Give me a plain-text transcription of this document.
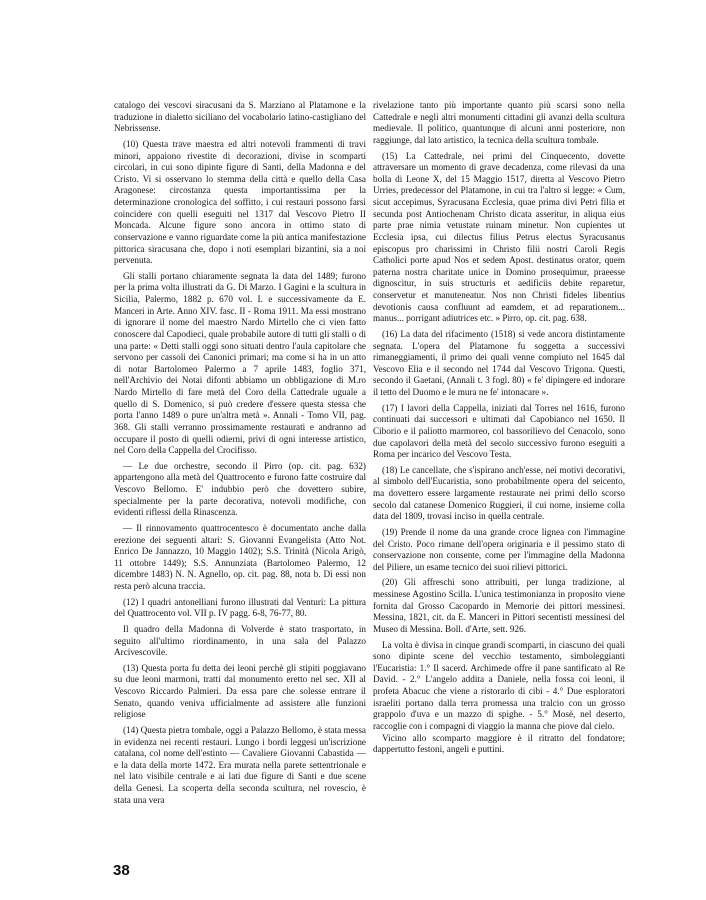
catalogo dei vescovi siracusani da S. Marziano al Platamone e la traduzione in dialetto siciliano del vocabolario latino-castigliano del Nebrissense.

(10) Questa trave maestra ed altri notevoli frammenti di travi minori, appaiono rivestite di decorazioni, divise in scomparti circolari, in cui sono dipinte figure di Santi, della Madonna e del Cristo. Vi si osservano lo stemma della città e quello della Casa Aragonese: circostanza questa importantissima per la determinazione cronologica del soffitto, i cui restauri possono farsi coincidere con quelli eseguiti nel 1317 dal Vescovo Pietro II Moncada. Alcune figure sono ancora in ottimo stato di conservazione e vanno riguardate come la più antica manifestazione pittorica siracusana che, dopo i noti esemplari bizantini, sia a noi pervenuta.

Gli stalli portano chiaramente segnata la data del 1489; furono per la prima volta illustrati da G. Di Marzo. I Gagini e la scultura in Sicilia, Palermo, 1882 p. 670 vol. I. e successivamente da E. Manceri in Arte. Anno XIV. fasc. II - Roma 1911. Ma essi mostrano di ignorare il nome del maestro Nardo Mirtello che ci vien fatto conoscere dal Capodieci, quale probabile autore di tutti gli stalli o di una parte: « Detti stalli oggi sono situati dentro l'aula capitolare che servono per cassoli dei Canonici primari; ma come si ha in un atto di notar Bartolomeo Palermo a 7 aprile 1483, foglio 371, nell'Archivio dei Notai difonti abbiamo un obbligazione di M.ro Nardo Mirtello di fare metà del Coro della Cattedrale uguale a quello di S. Domenico, si può credere d'essere questa stessa che porta l'anno 1489 o pure un'altra metà ». Annali - Tomo VII, pag. 368. Gli stalli verranno prossimamente restaurati e andranno ad occupare il posto di quelli odierni, privi di ogni interesse artistico, nel Coro della Cappella del Crocifisso.

— Le due orchestre, secondo il Pirro (op. cit. pag. 632) appartengono alla metà del Quattrocento e furono fatte costruire dal Vescovo Bellomo. E' indubbio però che dovettero subire, specialmente per la parte decorativa, notevoli modifiche, con evidenti riflessi della Rinascenza.

— Il rinnovamento quattrocentesco è documentato anche dalla erezione dei seguenti altari: S. Giovanni Evangelista (Atto Not. Enrico De Jannazzo, 10 Maggio 1402); S.S. Trinità (Nicola Arigò, 11 ottobre 1449); S.S. Annunziata (Bartolomeo Palermo, 12 dicembre 1483) N. N. Agnello, op. cit. pag. 88, nota b. Di essi non resta però alcuna traccia.

(12) I quadri antonelliani furono illustrati dal Venturi: La pittura del Quattrocento vol. VII p. IV pagg. 6-8, 76-77, 80.

Il quadro della Madonna di Volverde è stato trasportato, in seguito all'ultimo riordinamento, in una sala del Palazzo Arcivescovile.

(13) Questa porta fu detta dei leoni perchè gli stipiti poggiavano su due leoni marmoni, tratti dal monumento eretto nel sec. XII al Vescovo Riccardo Palmieri. Da essa pare che solesse entrare il Senato, quando veniva ufficialmente ad assistere alle funzioni religiose

(14) Questa pietra tombale, oggi a Palazzo Bellomo, è stata messa in evidenza nei recenti restauri. Lungo i bordi leggesi un'iscrizione catalana, col nome dell'estinto — Cavaliere Giovanni Cabastida — e la data della morte 1472. Era murata nella parete settentrionale e nel lato visibile centrale e ai lati due figure di Santi e due scene della Genesi. La scoperta della seconda scultura, nel rovescio, è stata una vera

rivelazione tanto più importante quanto più scarsi sono nella Cattedrale e negli altri monumenti cittadini gli avanzi della scultura medievale. Il politico, quantunque di alcuni anni posteriore, non raggiunge, dal lato artistico, la tecnica della scultura tombale.

(15) La Cattedrale, nei primi del Cinquecento, dovette attraversare un momento di grave decadenza, come rilevasi da una bolla di Leone X, del 15 Maggio 1517, diretta al Vescovo Pietro Urries, predecessor del Platamone, in cui tra l'altro si legge: « Cum, sicut accepimus, Syracusana Ecclesia, quae prima divi Petri filia et secunda post Antiochenam Christo dicata asseritur, in aliqua eius parte prae nimia vetustate ruinam minetur. Non cupientes ut Ecclesia ipsa, cui dilectus filius Petrus electus Syracusanus episcopus pro charissimi in Christo filii nostri Caroli Regis Catholici porte apud Nos et sedem Apost. destinatus orator, quem paterna nostra charitate unice in Domino prosequimur, praeesse dignoscitur, in suis structuris et aedificiis debite reparetur, conservetur et manuteneatur. Nos non Christi fideles libentius devotionis causa confluunt ad eamdem, et ad reparationem... manus... porrigant adiutrices etc. » Pirro, op. cit. pag. 638.

(16) La data del rifacimento (1518) si vede ancora distintamente segnata. L'opera del Platamone fu soggetta a successivi rimaneggiamenti, il primo dei quali venne compiuto nel 1645 dal Vescovo Elia e il secondo nel 1744 dal Vescovo Trigona. Questi, secondo il Gaetani, (Annali t. 3 fogl. 80) « fe' dipingere ed indorare il tetto del Duomo e le mura ne fe' intonacare ».

(17) I lavori della Cappella, iniziati dal Torres nel 1616, furono continuati dai successori e ultimati dal Capobianco nel 1650. Il Ciborio e il paliotto marmoreo, col bassorilievo del Cenacolo, sono due capolavori della metà del secolo successivo furono eseguiti a Roma per incarico del Vescovo Testa.

(18) Le cancellate, che s'ispirano anch'esse, nei motivi decorativi, al simbolo dell'Eucaristia, sono probabilmente opera del seicento, ma dovettero essere largamente restaurate nei primi dello scorso secolo dal catanese Domenico Ruggieri, il cui nome, insieme colla data del 1809, trovasi inciso in quella centrale.

(19) Prende il nome da una grande croce lignea con l'immagine del Cristo. Poco rimane dell'opera originaria e il pessimo stato di conservazione non consente, come per l'immagine della Madonna del Piliere, un esame tecnico dei suoi rilievi pittorici.

(20) Gli affreschi sono attribuiti, per lunga tradizione, al messinese Agostino Scilla. L'unica testimonianza in proposito viene fornita dal Grosso Cacopardo in Memorie dei pittori messinesi. Messina, 1821, cit. da E. Manceri in Pittori secentisti messinesi del Museo di Messina. Boll. d'Arte, sett. 926.

La volta è divisa in cinque grandi scomparti, in ciascuno dei quali sono dipinte scene del vecchio testamento, simboleggianti l'Eucaristia: 1.° Il sacerd. Archimede offre il pane santificato al Re David. - 2.° L'angelo addita a Daniele, nella fossa coi leoni, il profeta Abacuc che viene a ristorarlo di cibi - 4.° Due esploratori israeliti portano dalla terra promessa una tralcio con un grosso grappolo d'uva e un mazzo di spighe. - 5.° Mosè, nel deserto, raccoglie con i compagni di viaggio la manna che piove dal cielo.

Vicino allo scomparto maggiore è il ritratto del fondatore; dappertutto festoni, angeli e puttini.

38
